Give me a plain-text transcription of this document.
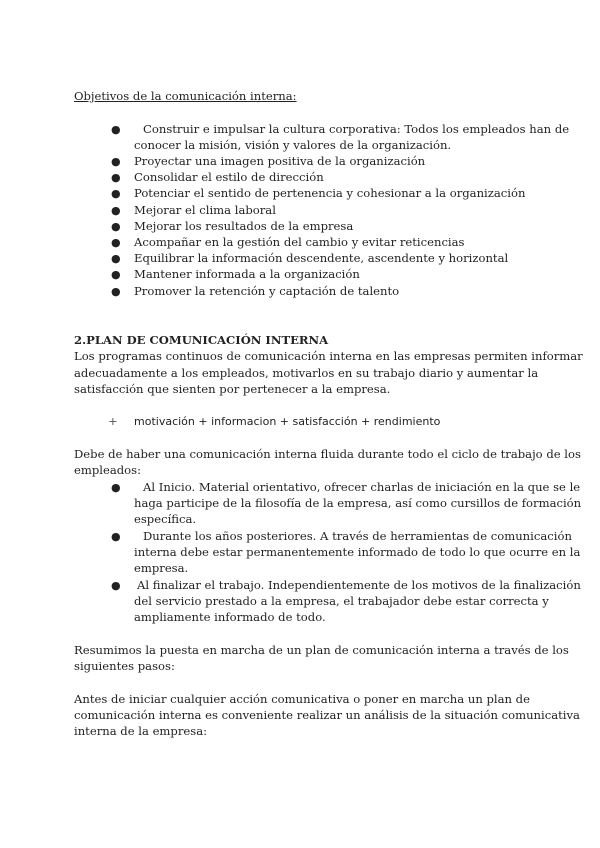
Objetivos de la comunicación interna:
● Construir e impulsar la cultura corporativa: Todos los empleados han de
conocer la misión, visión y valores de la organización.
● Proyectar una imagen positiva de la organización
● Consolidar el estilo de dirección
● Potenciar el sentido de pertenencia y cohesionar a la organización
● Mejorar el clima laboral
● Mejorar los resultados de la empresa
● Acompañar en la gestión del cambio y evitar reticencias
● Equilibrar la información descendente, ascendente y horizontal
● Mantener informada a la organización
● Promover la retención y captación de talento
2.PLAN DE COMUNICACIÓN INTERNA
Los programas continuos de comunicación interna en las empresas permiten informar
adecuadamente a los empleados, motivarlos en su trabajo diario y aumentar la
satisfacción que sienten por pertenecer a la empresa.
+ motivación + informacion + satisfacción + rendimiento
Debe de haber una comunicación interna fluida durante todo el ciclo de trabajo de los
empleados:
● Al Inicio. Material orientativo, ofrecer charlas de iniciación en la que se le
haga participe de la filosofía de la empresa, así como cursillos de formación
específica.
● Durante los años posteriores. A través de herramientas de comunicación
interna debe estar permanentemente informado de todo lo que ocurre en la
empresa.
● Al finalizar el trabajo. Independientemente de los motivos de la finalización
del servicio prestado a la empresa, el trabajador debe estar correcta y
ampliamente informado de todo.
Resumimos la puesta en marcha de un plan de comunicación interna a través de los
siguientes pasos:
Antes de iniciar cualquier acción comunicativa o poner en marcha un plan de
comunicación interna es conveniente realizar un análisis de la situación comunicativa
interna de la empresa:
